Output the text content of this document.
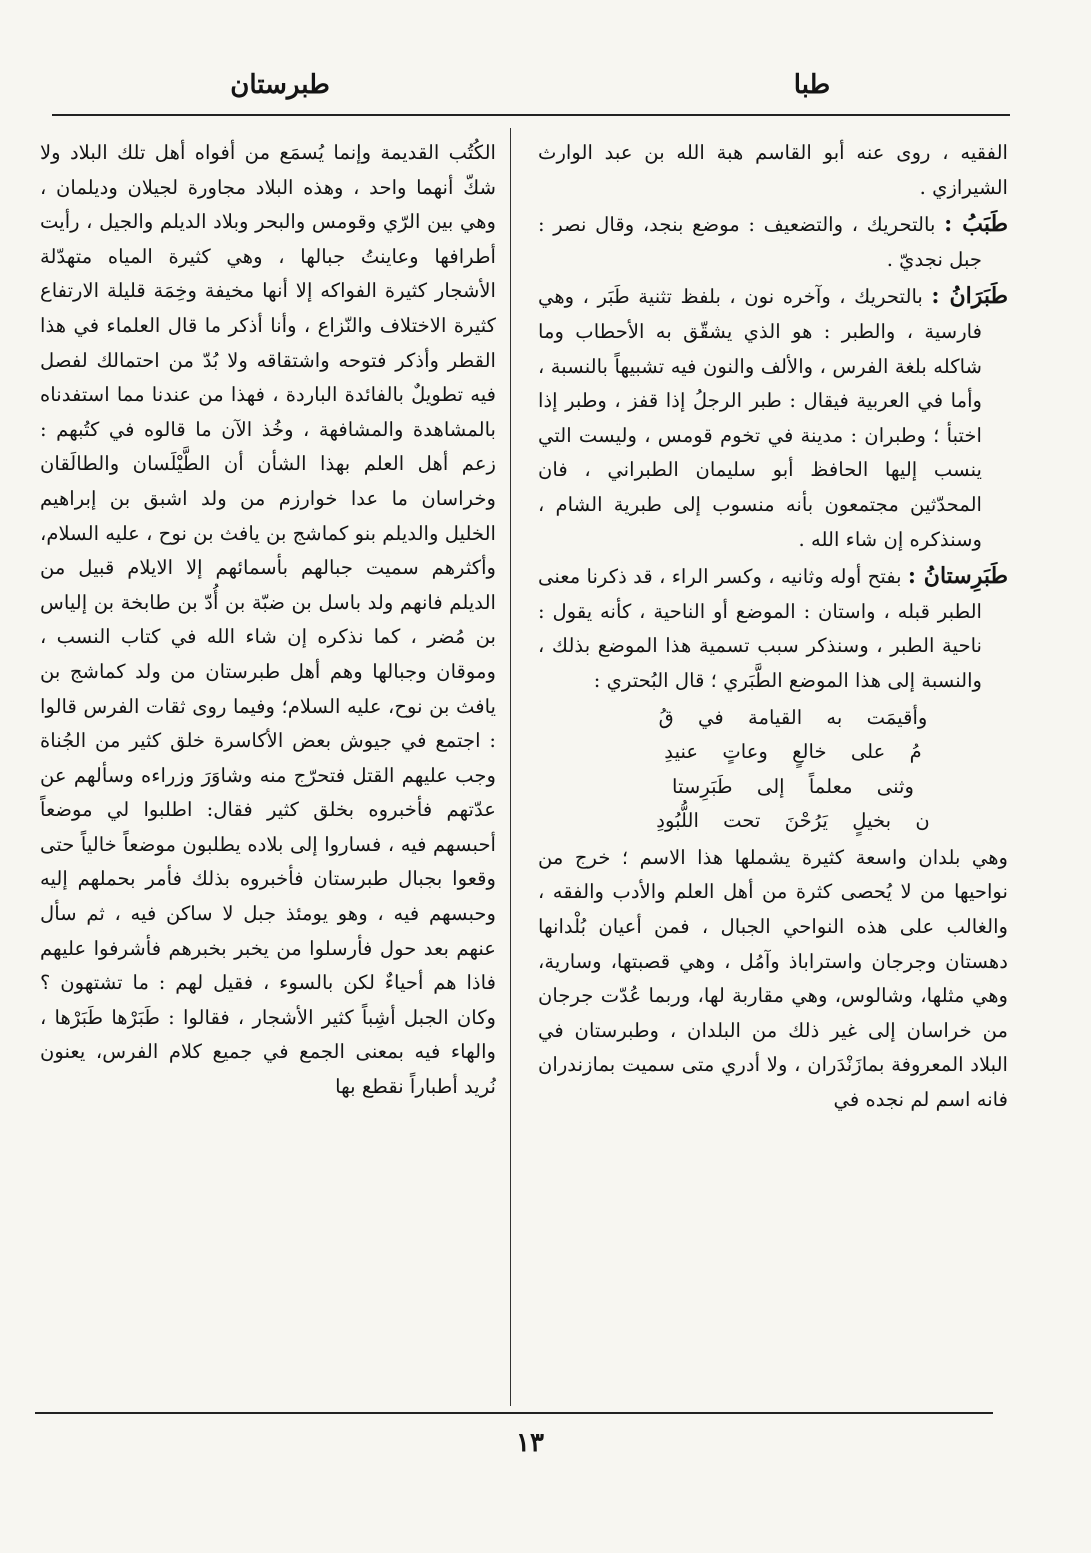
طبا
طبرستان

الفقيه ، روى عنه أبو القاسم هبة الله بن عبد الوارث الشيرازي .

طَبَبُ : بالتحريك ، والتضعيف : موضع بنجد، وقال نصر : جبل نجديّ .

طَبَرَانُ : بالتحريك ، وآخره نون ، بلفظ تثنية طَبَر ، وهي فارسية ، والطبر : هو الذي يشقّق به الأحطاب وما شاكله بلغة الفرس ، والألف والنون فيه تشبيهاً بالنسبة ، وأما في العربية فيقال : طبر الرجلُ إذا قفز ، وطبر إذا اختبأ ؛ وطبران : مدينة في تخوم قومس ، وليست التي ينسب إليها الحافظ أبو سليمان الطبراني ، فان المحدّثين مجتمعون بأنه منسوب إلى طبرية الشام ، وسنذكره إن شاء الله .

طَبَرِستانُ : بفتح أوله وثانيه ، وكسر الراء ، قد ذكرنا معنى الطبر قبله ، واستان : الموضع أو الناحية ، كأنه يقول : ناحية الطبر ، وسنذكر سبب تسمية هذا الموضع بذلك ، والنسبة إلى هذا الموضع الطَّبَري ؛ قال البُحتري :

وأقيمَت به القيامة في قُ
مُ على خالعٍ وعاتٍ عنيدِ
وثنى معلماً إلى طَبَرِستا
ن بخيلٍ يَرُحْنَ تحت اللُّبُودِ

وهي بلدان واسعة كثيرة يشملها هذا الاسم ؛ خرج من نواحيها من لا يُحصى كثرة من أهل العلم والأدب والفقه ، والغالب على هذه النواحي الجبال ، فمن أعيان بُلْدانها دهستان وجرجان واستراباذ وآمُل ، وهي قصبتها، وسارية، وهي مثلها، وشالوس، وهي مقاربة لها، وربما عُدّت جرجان من خراسان إلى غير ذلك من البلدان ، وطبرستان في البلاد المعروفة بمازَنْدَران ، ولا أدري متى سميت بمازندران فانه اسم لم نجده في

الكُتُب القديمة وإنما يُسمَع من أفواه أهل تلك البلاد ولا شكّ أنهما واحد ، وهذه البلاد مجاورة لجيلان وديلمان ، وهي بين الرّي وقومس والبحر وبلاد الديلم والجيل ، رأيت أطرافها وعاينتُ جبالها ، وهي كثيرة المياه متهدّلة الأشجار كثيرة الفواكه إلا أنها مخيفة وخِمَة قليلة الارتفاع كثيرة الاختلاف والنّزاع ، وأنا أذكر ما قال العلماء في هذا القطر وأذكر فتوحه واشتقاقه ولا بُدّ من احتمالك لفصل فيه تطويلٌ بالفائدة الباردة ، فهذا من عندنا مما استفدناه بالمشاهدة والمشافهة ، وخُذ الآن ما قالوه في كتُبهم : زعم أهل العلم بهذا الشأن أن الطَّيْلَسان والطالَقان وخراسان ما عدا خوارزم من ولد اشبق بن إبراهيم الخليل والديلم بنو كماشج بن يافث بن نوح ، عليه السلام، وأكثرهم سميت جبالهم بأسمائهم إلا الايلام قبيل من الديلم فانهم ولد باسل بن ضبّة بن أُدّ بن طابخة بن إلياس بن مُضر ، كما نذكره إن شاء الله في كتاب النسب ، وموقان وجبالها وهم أهل طبرستان من ولد كماشج بن يافث بن نوح، عليه السلام؛ وفيما روى ثقات الفرس قالوا : اجتمع في جيوش بعض الأكاسرة خلق كثير من الجُناة وجب عليهم القتل فتحرّج منه وشاوَرَ وزراءه وسألهم عن عدّتهم فأخبروه بخلق كثير فقال: اطلبوا لي موضعاً أحبسهم فيه ، فساروا إلى بلاده يطلبون موضعاً خالياً حتى وقعوا بجبال طبرستان فأخبروه بذلك فأمر بحملهم إليه وحبسهم فيه ، وهو يومئذ جبل لا ساكن فيه ، ثم سأل عنهم بعد حول فأرسلوا من يخبر بخبرهم فأشرفوا عليهم فاذا هم أحياءٌ لكن بالسوء ، فقيل لهم : ما تشتهون ؟ وكان الجبل أشِباً كثير الأشجار ، فقالوا : طَبَرْها طَبَرْها ، والهاء فيه بمعنى الجمع في جميع كلام الفرس، يعنون نُريد أطباراً نقطع بها

١٣
